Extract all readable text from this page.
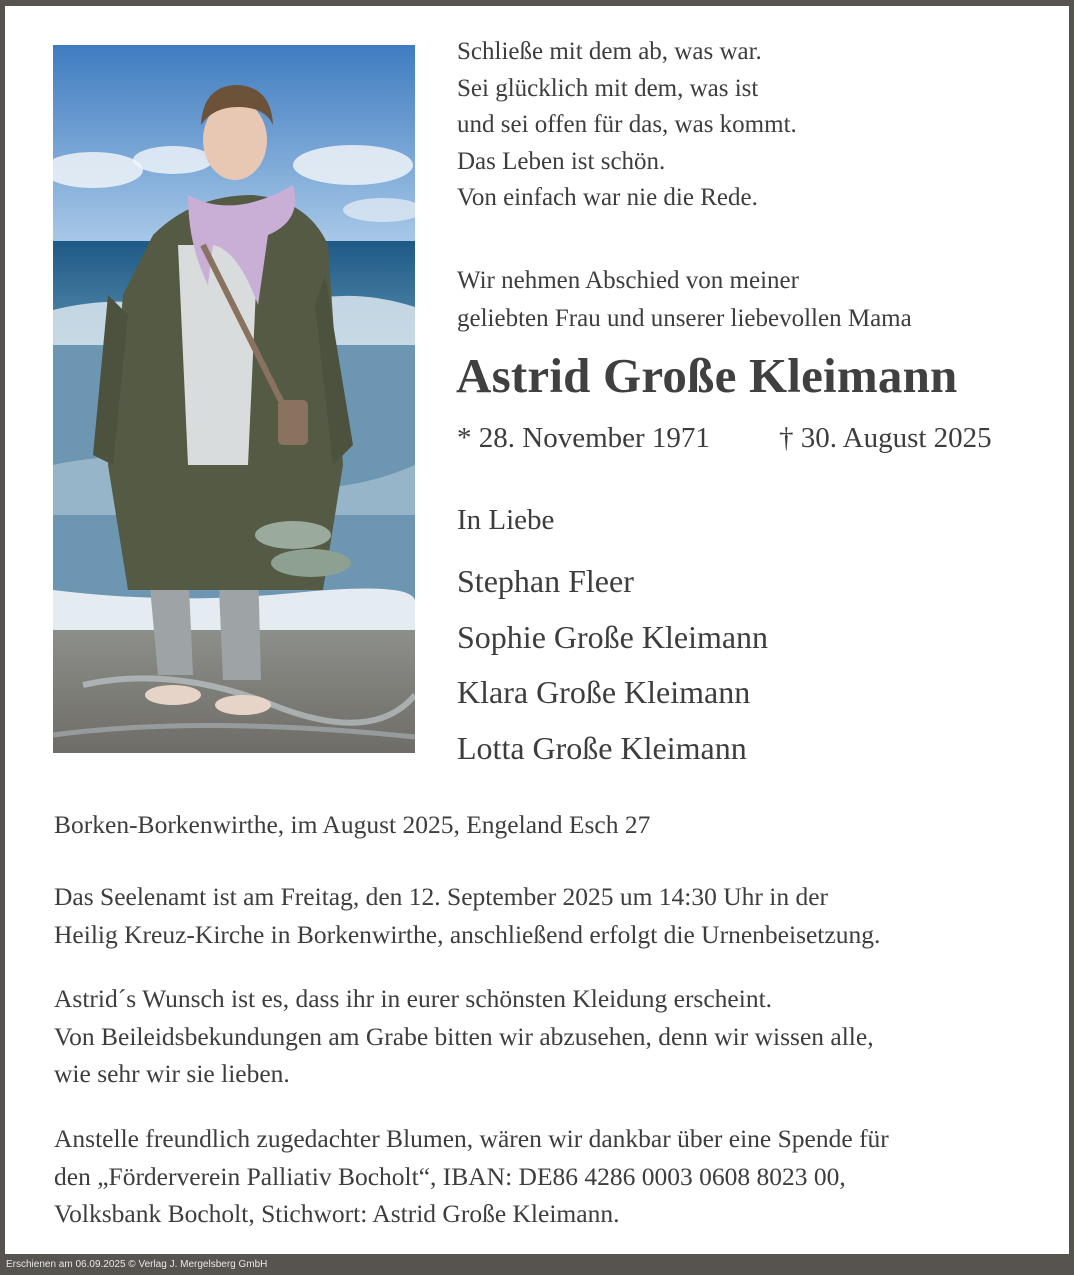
Schließe mit dem ab, was war.
Sei glücklich mit dem, was ist
und sei offen für das, was kommt.
Das Leben ist schön.
Von einfach war nie die Rede.
Wir nehmen Abschied von meiner
geliebten Frau und unserer liebevollen Mama
Astrid Große Kleimann
* 28. November 1971 † 30. August 2025
In Liebe
Stephan Fleer
Sophie Große Kleimann
Klara Große Kleimann
Lotta Große Kleimann
Borken-Borkenwirthe, im August 2025, Engeland Esch 27
Das Seelenamt ist am Freitag, den 12. September 2025 um 14:30 Uhr in der
Heilig Kreuz-Kirche in Borkenwirthe, anschließend erfolgt die Urnenbeisetzung.
Astrid´s Wunsch ist es, dass ihr in eurer schönsten Kleidung erscheint.
Von Beileidsbekundungen am Grabe bitten wir abzusehen, denn wir wissen alle,
wie sehr wir sie lieben.
Anstelle freundlich zugedachter Blumen, wären wir dankbar über eine Spende für
den „Förderverein Palliativ Bocholt“, IBAN: DE86 4286 0003 0608 8023 00,
Volksbank Bocholt, Stichwort: Astrid Große Kleimann.
Erschienen am 06.09.2025 © Verlag J. Mergelsberg GmbH
